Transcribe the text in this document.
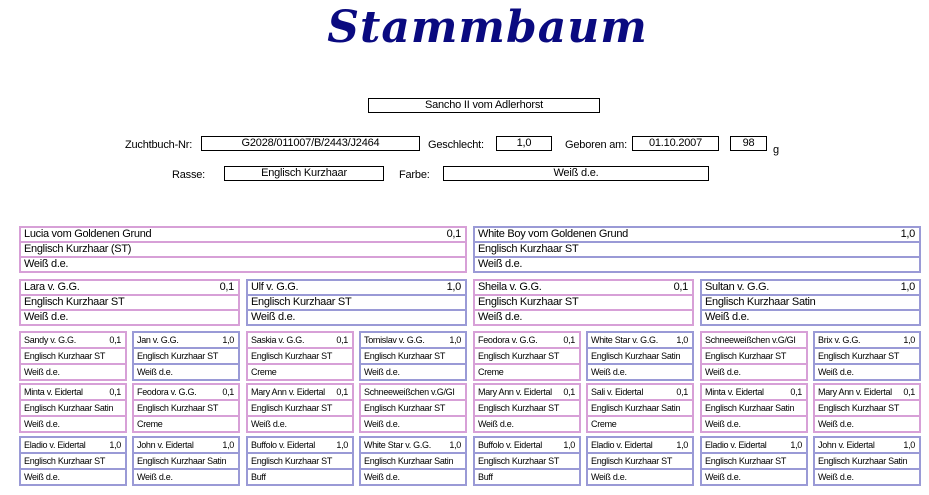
Stammbaum
Sancho II vom Adlerhorst
Zuchtbuch-Nr:	G2028/011007/B/2443/J2464	Geschlecht:	1,0	Geboren am:	01.10.2007	98
g
Rasse:	Englisch Kurzhaar	Farbe:	Weiß d.e.
Lucia vom Goldenen Grund	0,1
Englisch Kurzhaar (ST)
Weiß d.e.
White Boy vom Goldenen Grund	1,0
Englisch Kurzhaar ST
Weiß d.e.
Lara v. G.G.	0,1
Englisch Kurzhaar ST
Weiß d.e.
Ulf v. G.G.	1,0
Englisch Kurzhaar ST
Weiß d.e.
Sheila v. G.G.	0,1
Englisch Kurzhaar ST
Weiß d.e.
Sultan v. G.G.	1,0
Englisch Kurzhaar Satin
Weiß d.e.
Sandy v. G.G.	0,1
Englisch Kurzhaar ST
Weiß d.e.
Jan v. G.G.	1,0
Englisch Kurzhaar ST
Weiß d.e.
Saskia v. G.G.	0,1
Englisch Kurzhaar ST
Creme
Tomislav v. G.G.	1,0
Englisch Kurzhaar ST
Weiß d.e.
Feodora v. G.G.	0,1
Englisch Kurzhaar ST
Creme
White Star v. G.G. 1,0
Englisch Kurzhaar Satin
Weiß d.e.
Schneeweißchen v.G/GI
Englisch Kurzhaar ST
Weiß d.e.
Brix v. G.G.	1,0
Englisch Kurzhaar ST
Weiß d.e.
Minta v. Eidertal	0,1
Englisch Kurzhaar Satin
Weiß d.e.
Feodora v. G.G.	0,1
Englisch Kurzhaar ST
Creme
Mary Ann v. Eidertal 0,1
Englisch Kurzhaar ST
Weiß d.e.
Schneeweißchen v.G/GI
Englisch Kurzhaar ST
Weiß d.e.
Mary Ann v. Eidertal 0,1
Englisch Kurzhaar ST
Weiß d.e.
Sali v. Eidertal	0,1
Englisch Kurzhaar Satin
Creme
Minta v. Eidertal	0,1
Englisch Kurzhaar Satin
Weiß d.e.
Mary Ann v. Eidertal 0,1
Englisch Kurzhaar ST
Weiß d.e.
Eladio v. Eidertal	1,0
Englisch Kurzhaar ST
Weiß d.e.
John v. Eidertal	1,0
Englisch Kurzhaar Satin
Weiß d.e.
Buffolo v. Eidertal 1,0
Englisch Kurzhaar ST
Buff
White Star v. G.G. 1,0
Englisch Kurzhaar Satin
Weiß d.e.
Buffolo v. Eidertal 1,0
Englisch Kurzhaar ST
Buff
Eladio v. Eidertal	1,0
Englisch Kurzhaar ST
Weiß d.e.
Eladio v. Eidertal	1,0
Englisch Kurzhaar ST
Weiß d.e.
John v. Eidertal	1,0
Englisch Kurzhaar Satin
Weiß d.e.
